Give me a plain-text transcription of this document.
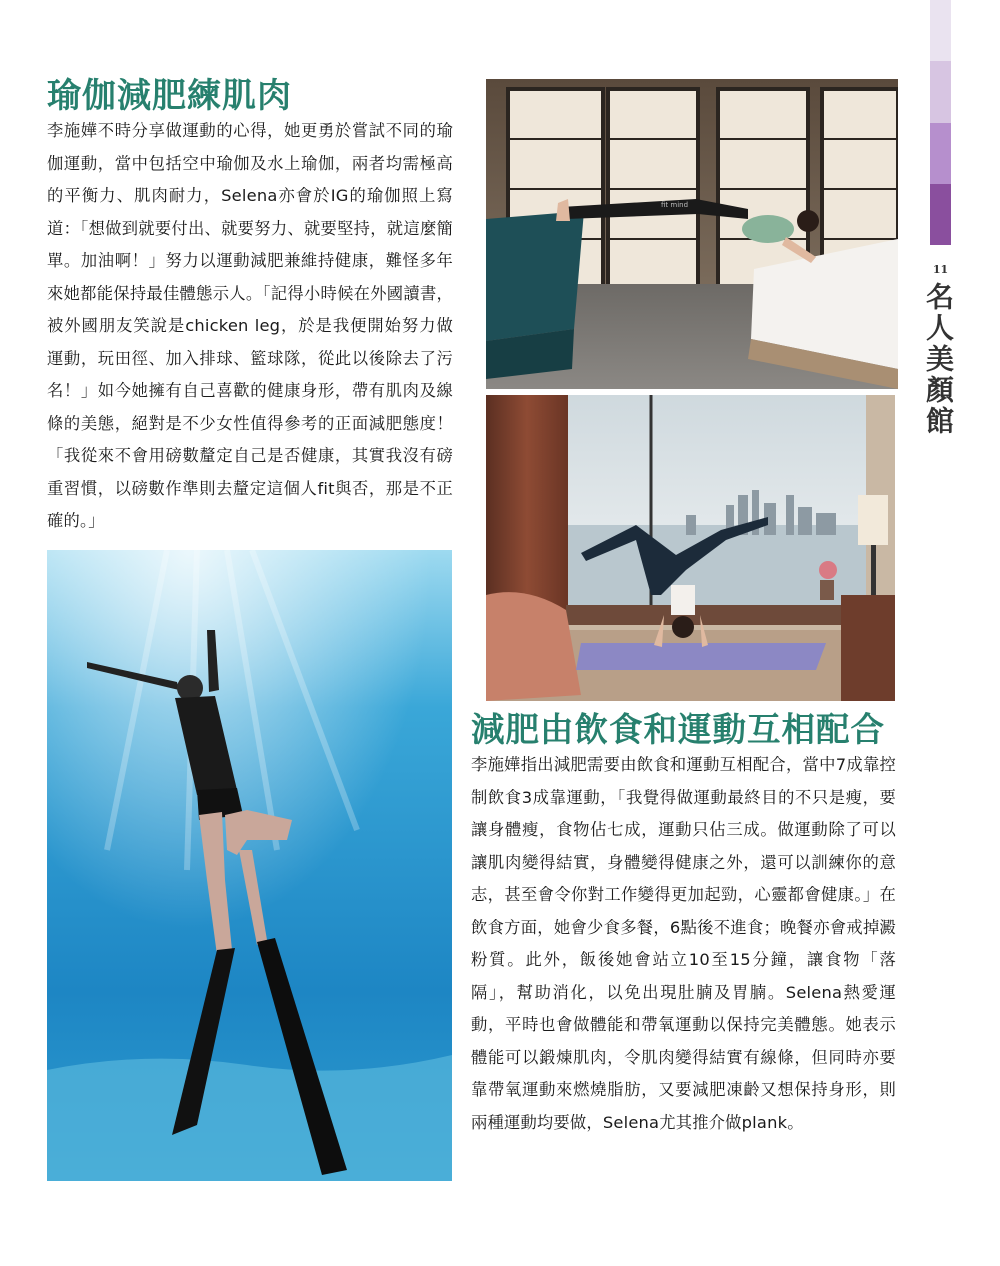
11
名人美顏館
瑜伽減肥練肌肉

李施嬅不時分享做運動的心得，她更勇於嘗試不同的瑜伽運動，當中包括空中瑜伽及水上瑜伽，兩者均需極高的平衡力、肌肉耐力，Selena亦會於IG的瑜伽照上寫道：「想做到就要付出、就要努力、就要堅持，就這麼簡單。加油啊！」努力以運動減肥兼維持健康，難怪多年來她都能保持最佳體態示人。「記得小時候在外國讀書，被外國朋友笑說是chicken leg，於是我便開始努力做運動，玩田徑、加入排球、籃球隊，從此以後除去了污名！」如今她擁有自己喜歡的健康身形，帶有肌肉及線條的美態，絕對是不少女性值得參考的正面減肥態度！「我從來不會用磅數釐定自己是否健康，其實我沒有磅重習慣，以磅數作準則去釐定這個人fit與否，那是不正確的。」

fit mind
減肥由飲食和運動互相配合

李施嬅指出減肥需要由飲食和運動互相配合，當中7成靠控制飲食3成靠運動，「我覺得做運動最終目的不只是瘦，要讓身體瘦，食物佔七成，運動只佔三成。做運動除了可以讓肌肉變得結實，身體變得健康之外，還可以訓練你的意志，甚至會令你對工作變得更加起勁，心靈都會健康。」在飲食方面，她會少食多餐，6點後不進食；晚餐亦會戒掉澱粉質。此外，飯後她會站立10至15分鐘，讓食物「落隔」，幫助消化，以免出現肚腩及胃腩。Selena熱愛運動，平時也會做體能和帶氧運動以保持完美體態。她表示體能可以鍛煉肌肉，令肌肉變得結實有線條，但同時亦要靠帶氧運動來燃燒脂肪，又要減肥凍齡又想保持身形，則兩種運動均要做，Selena尤其推介做plank。
